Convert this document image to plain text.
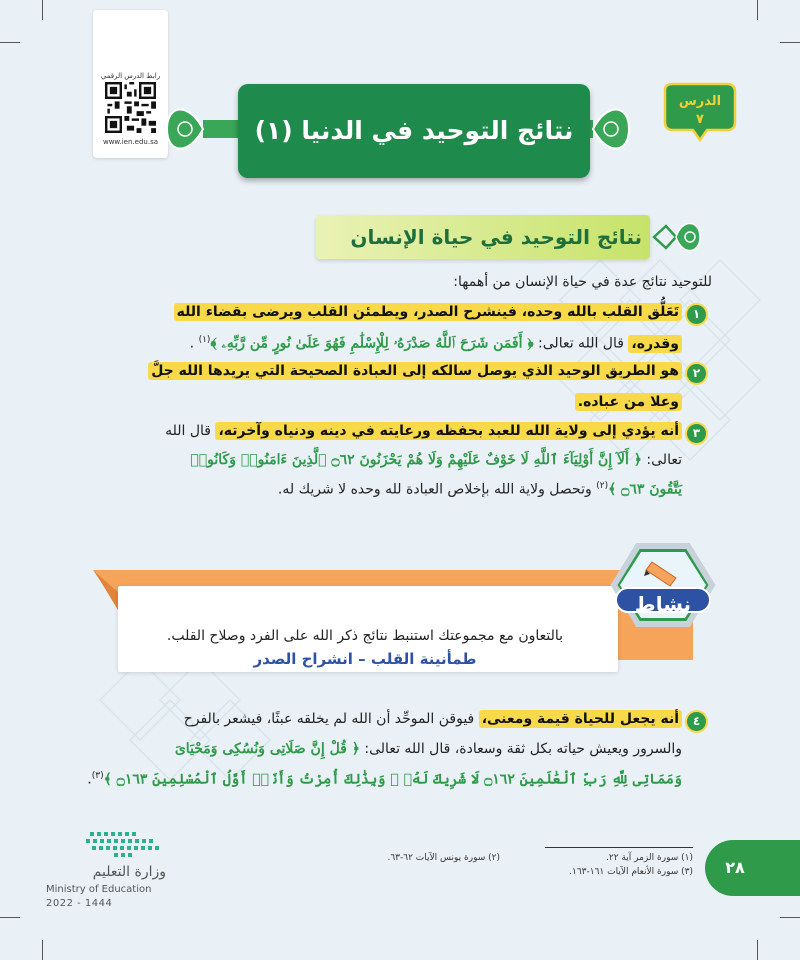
رابط الدرس الرقمي
www.ien.edu.sa	نتائج التوحيد في الدنيا (١)
الدرس
٧
نتائج التوحيد في حياة الإنسان
للتوحيد نتائج عدة في حياة الإنسان من أهمها:
١
تَعَلُّق القلب بالله وحده، فينشرح الصدر، ويطمئن القلب ويرضى بقضاء الله
وقدره، قال الله تعالى: ﴿ أَفَمَن شَرَحَ ٱللَّهُ صَدْرَهُۥ لِلْإِسْلَٰمِ فَهُوَ عَلَىٰ نُورٍ مِّن رَّبِّهِۦ ﴾$^{(١)}$ .
٢
هو الطريق الوحيد الذي يوصل سالكه إلى العبادة الصحيحة التي يريدها الله جلَّ
وعلا من عباده.
٣
أنه يؤدي إلى ولاية الله للعبد بحفظه ورعايته في دينه ودنياه وآخرته، قال الله
تعالى: ﴿ أَلَآ إِنَّ أَوْلِيَآءَ ٱللَّهِ لَا خَوْفٌ عَلَيْهِمْ وَلَا هُمْ يَحْزَنُونَ ۝٦٢ ٱلَّذِينَ ءَامَنُوا۟ وَكَانُوا۟
يَتَّقُونَ ۝٦٣ ﴾$^{(٢)}$ وتحصل ولاية الله بإخلاص العبادة لله وحده لا شريك له.
بالتعاون مع مجموعتك استنبط نتائج ذكر الله على الفرد وصلاح القلب.
طمأنينة القلب – انشراح الصدر
نشاط
٤
أنه يجعل للحياة قيمة ومعنى، فيوقن الموحِّد أن الله لم يخلقه عبثًا، فيشعر بالفرح
والسرور ويعيش حياته بكل ثقة وسعادة، قال الله تعالى: ﴿ قُلْ إِنَّ صَلَاتِى وَنُسُكِى وَمَحْيَاىَ
وَمَمَاتِى لِلَّهِ رَبِّ ٱلْعَٰلَمِينَ ۝١٦٢ لَا شَرِيكَ لَهُۥ ۖ وَبِذَٰلِكَ أُمِرْتُ وَأَنَا۠ أَوَّلُ ٱلْمُسْلِمِينَ ۝١٦٣ ﴾$^{(٣)}$.
(١) سورة الزمر آية ٢٢.
(٣) سورة الأنعام الآيات ١٦١-١٦٣.
(٢) سورة يونس الآيات ٦٢-٦٣.	٢٨
وزارة التعليم
Ministry of Education
2022 - 1444
